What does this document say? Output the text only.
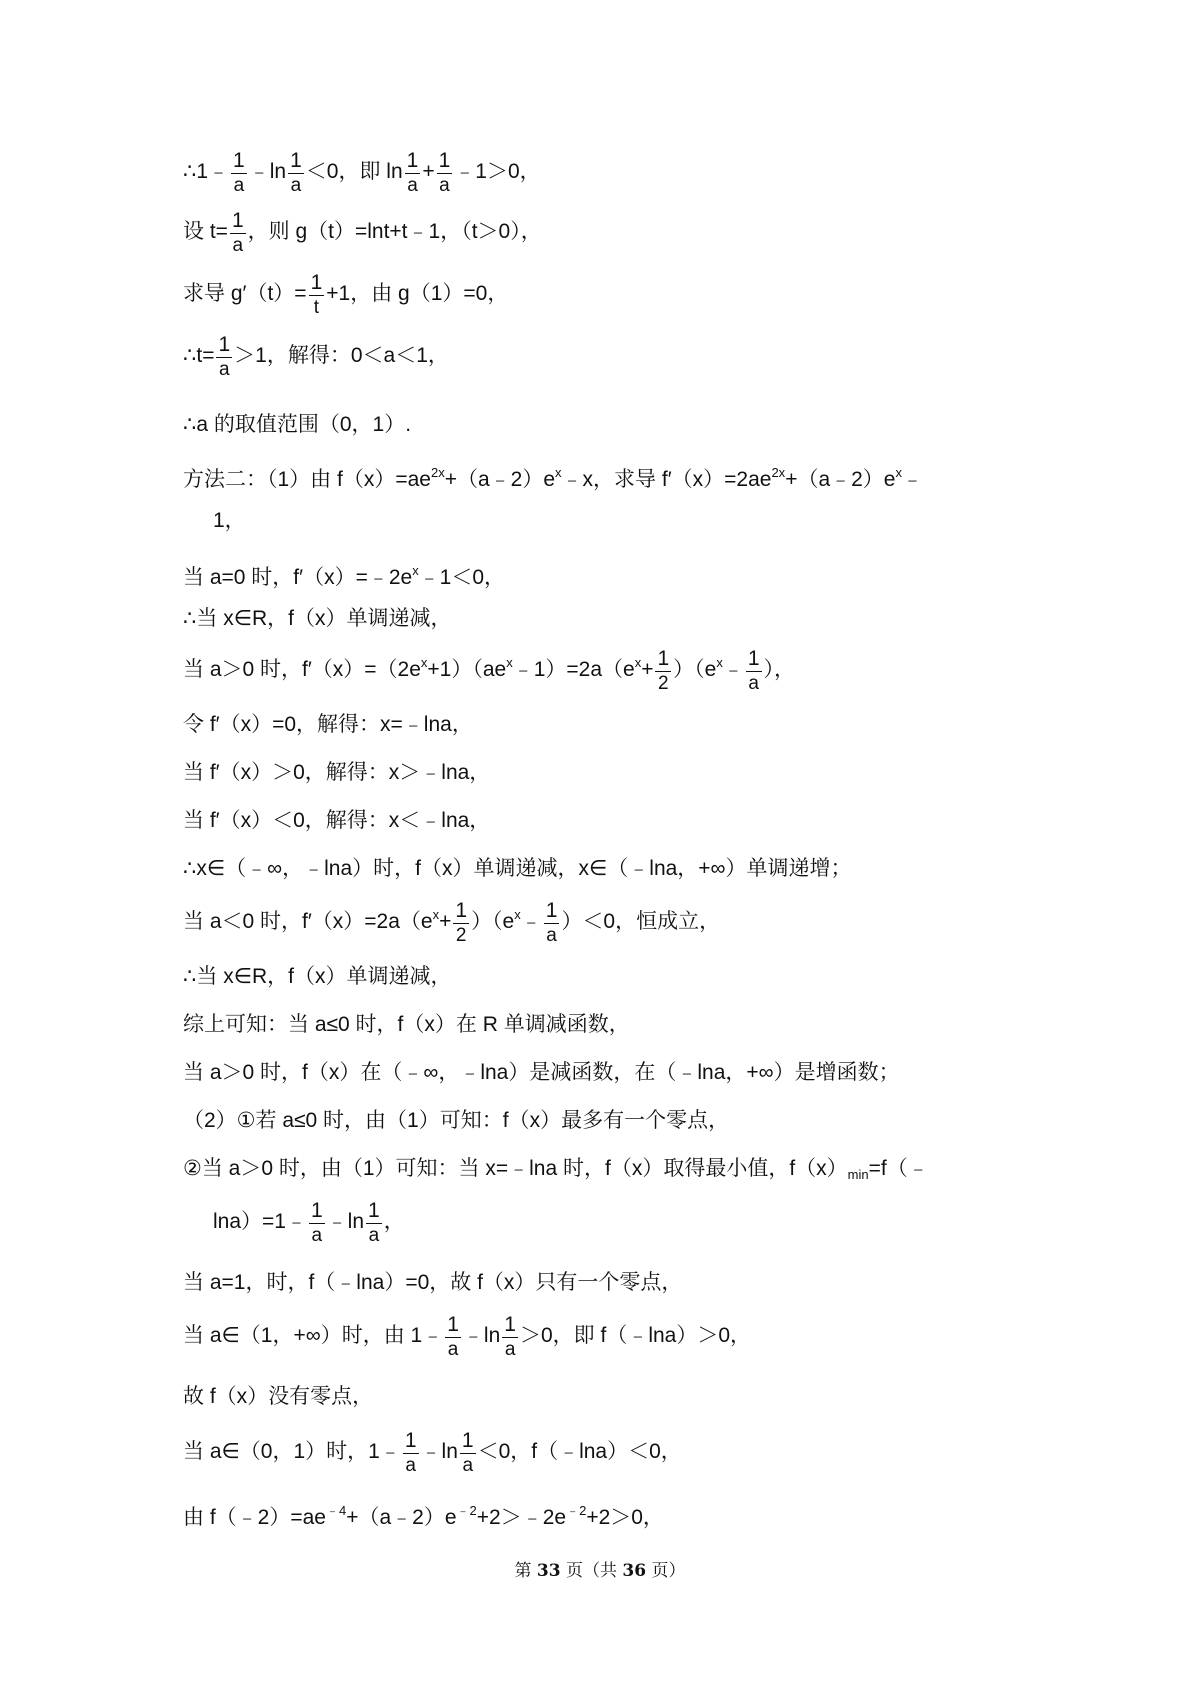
∴1﹣ $\frac{1}{a}$ ﹣ln $\frac{1}{a} <0$，即 $\ln \frac{1}{a} + \frac{1}{a}$ ﹣1＞0，
设 $t= \frac{1}{a}$ ，则 g（t）=lnt+t﹣1，（t＞0），
求导 $g'(t)= \frac{1}{t} +1$，由 g（1）=0，
∴t= $\frac{1}{a} >1$，解得：0＜a＜1，
∴a 的取值范围（0，1）.
方法二：（1）由 $f(x)=ae^{2x}+(a﹣2)e^x﹣x$，求导 $f'(x)=2ae^{2x}+(a﹣2)e^x﹣$
1，
当 a=0 时，$f'(x)=﹣2e^x﹣1<0$，
∴当 x∈R，f（x）单调递减，
当 a＞0 时，$f'(x)=(2e^x+1)(ae^x﹣1)=2a(e^x+ \frac{1}{2}$ ）（$e^x﹣ \frac{1}{a}$ ），
令 f′（x）=0，解得：x=﹣lna，
当 f′（x）＞0，解得：x＞﹣lna，
当 f′（x）＜0，解得：x＜﹣lna，
∴x∈（﹣∞，﹣lna）时，f（x）单调递减，x∈（﹣lna，+∞）单调递增；
当 a＜0 时，$f'(x)=2a(e^x+ \frac{1}{2}$ ）$(e^x﹣ \frac{1}{a} )<0$，恒成立，
∴当 x∈R，f（x）单调递减，
综上可知：当 a≤0 时，f（x）在 R 单调减函数，
当 a＞0 时，f（x）在（﹣∞，﹣lna）是减函数，在（﹣lna，+∞）是增函数；
（2）①若 a≤0 时，由（1）可知：f（x）最多有一个零点，
②当 a＞0 时，由（1）可知：当 x=﹣lna 时，f（x）取得最小值，$f(x)_{min}=f(﹣$
lna）=1﹣ $\frac{1}{a}$ ﹣ln $\frac{1}{a}$ ，
当 a=1，时，f（﹣lna）=0，故 f（x）只有一个零点，
当 a∈（1，+∞）时，由 1﹣ $\frac{1}{a}$ ﹣ln $\frac{1}{a} >0$，即 f（﹣lna）＞0，
故 f（x）没有零点，
当 a∈（0，1）时，1﹣ $\frac{1}{a}$ ﹣ln $\frac{1}{a} <0$，f（﹣lna）＜0，
由 $f(﹣2)=ae^{﹣4}+(a﹣2)e^{﹣2}+2>﹣2e^{﹣2}+2>0$，
第 33 页（共 36 页）
